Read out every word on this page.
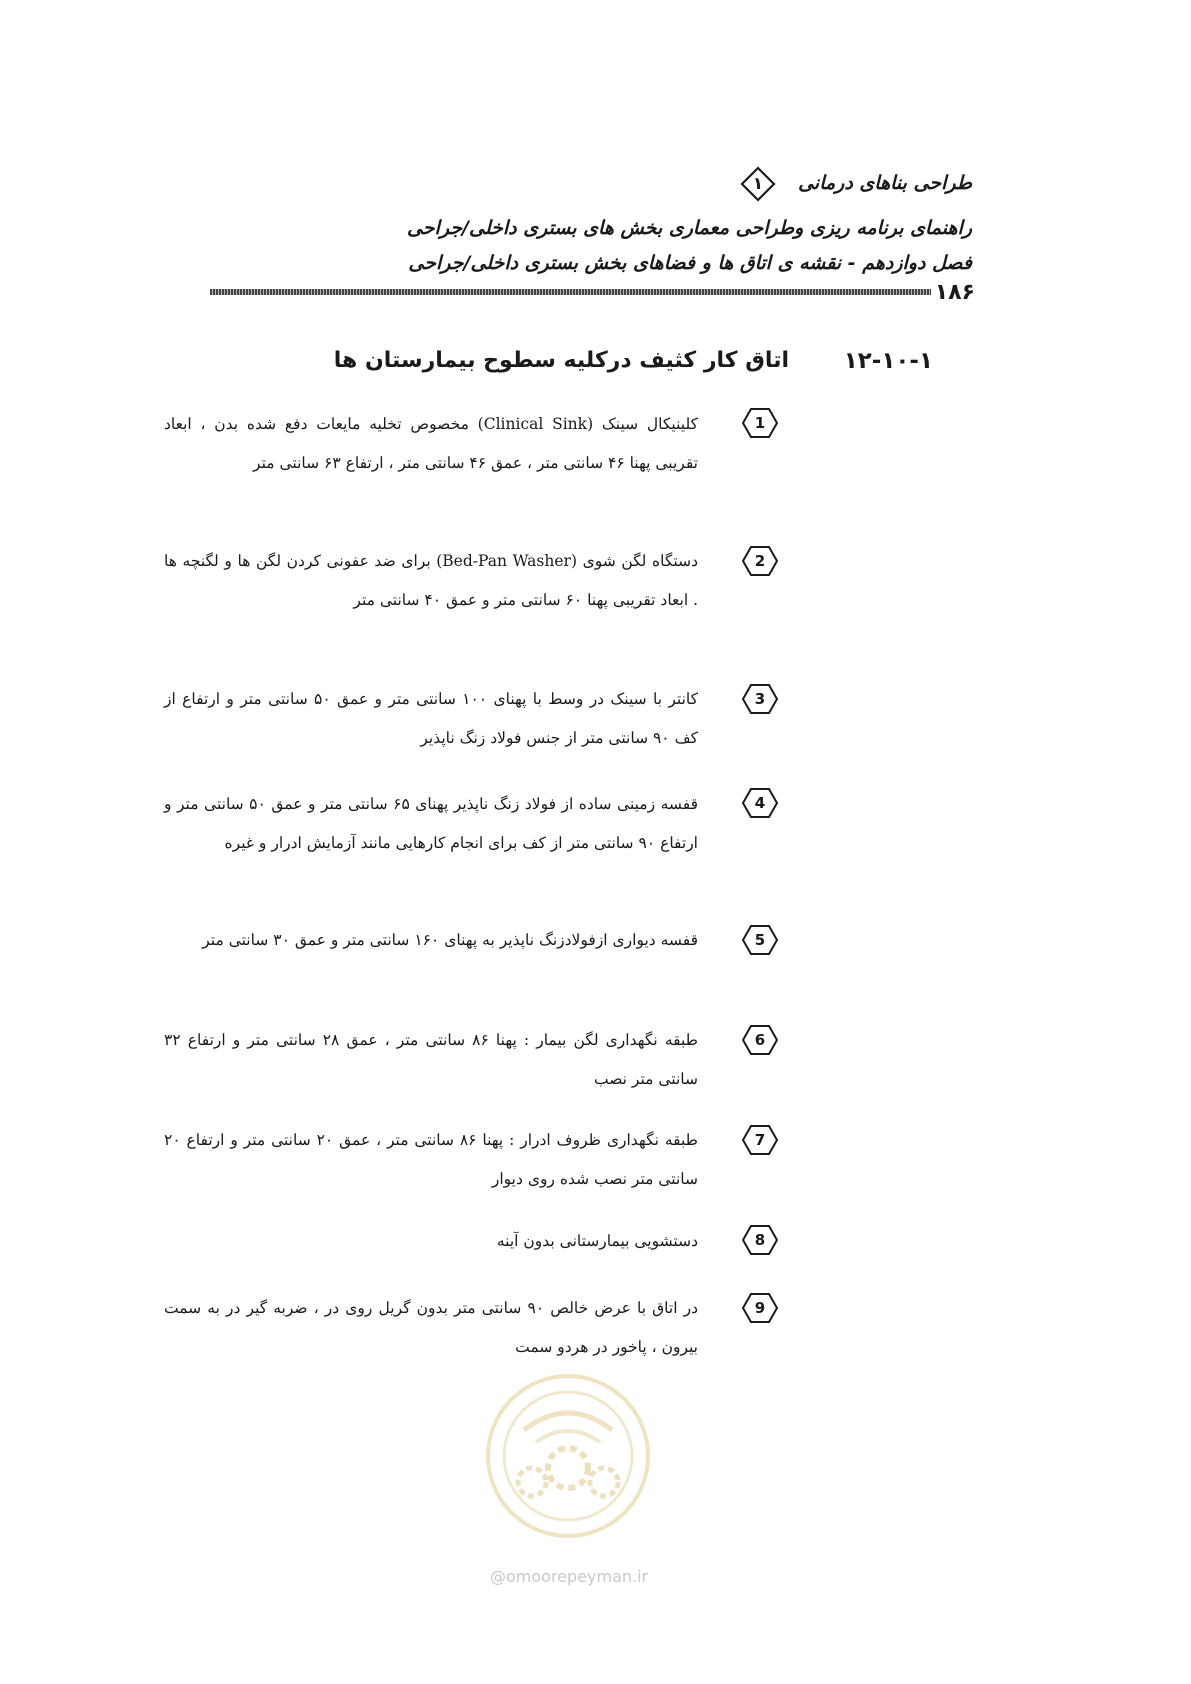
طراحی بناهای درمانی
۱
راهنمای برنامه ریزی وطراحی معماری بخش های بستری داخلی/جراحی
فصل دوازدهم - نقشه ی اتاق ها و فضاهای بخش بستری داخلی/جراحی
۱۸۶
۱۲-۱۰-۱
اتاق کار کثیف درکلیه سطوح بیمارستان ها
1
کلینیکال سینک (Clinical Sink) مخصوص تخلیه مایعات دفع شده بدن ، ابعاد تقریبی پهنا ۴۶ سانتی متر ، عمق ۴۶ سانتی متر ، ارتفاع ۶۳ سانتی متر
2
دستگاه لگن شوی (Bed-Pan Washer) برای ضد عفونی کردن لگن ها و لگنچه ها . ابعاد تقریبی پهنا ۶۰ سانتی متر و عمق ۴۰ سانتی متر
3
کانتر با سینک در وسط با پهنای ۱۰۰ سانتی متر و عمق ۵۰ سانتی متر و ارتفاع از کف ۹۰ سانتی متر از جنس فولاد زنگ ناپذیر
4
قفسه زمینی ساده از فولاد زنگ ناپذیر پهنای ۶۵ سانتی متر و عمق ۵۰ سانتی متر و ارتفاع ۹۰ سانتی متر از کف برای انجام کارهایی مانند آزمایش ادرار و غیره
5
قفسه دیواری ازفولادزنگ ناپذیر به پهنای ۱۶۰ سانتی متر و عمق ۳۰ سانتی متر
6
طبقه نگهداری لگن بیمار : پهنا ۸۶ سانتی متر ، عمق ۲۸ سانتی متر و ارتفاع ۳۲ سانتی متر نصب
7
طبقه نگهداری ظروف ادرار : پهنا ۸۶ سانتی متر ، عمق ۲۰ سانتی متر و ارتفاع ۲۰ سانتی متر نصب شده روی دیوار
8
دستشویی بیمارستانی بدون آینه
9
در اتاق با عرض خالص ۹۰ سانتی متر بدون گریل روی در ، ضربه گیر در به سمت بیرون ، پاخور در هردو سمت
@omoorepeyman.ir
